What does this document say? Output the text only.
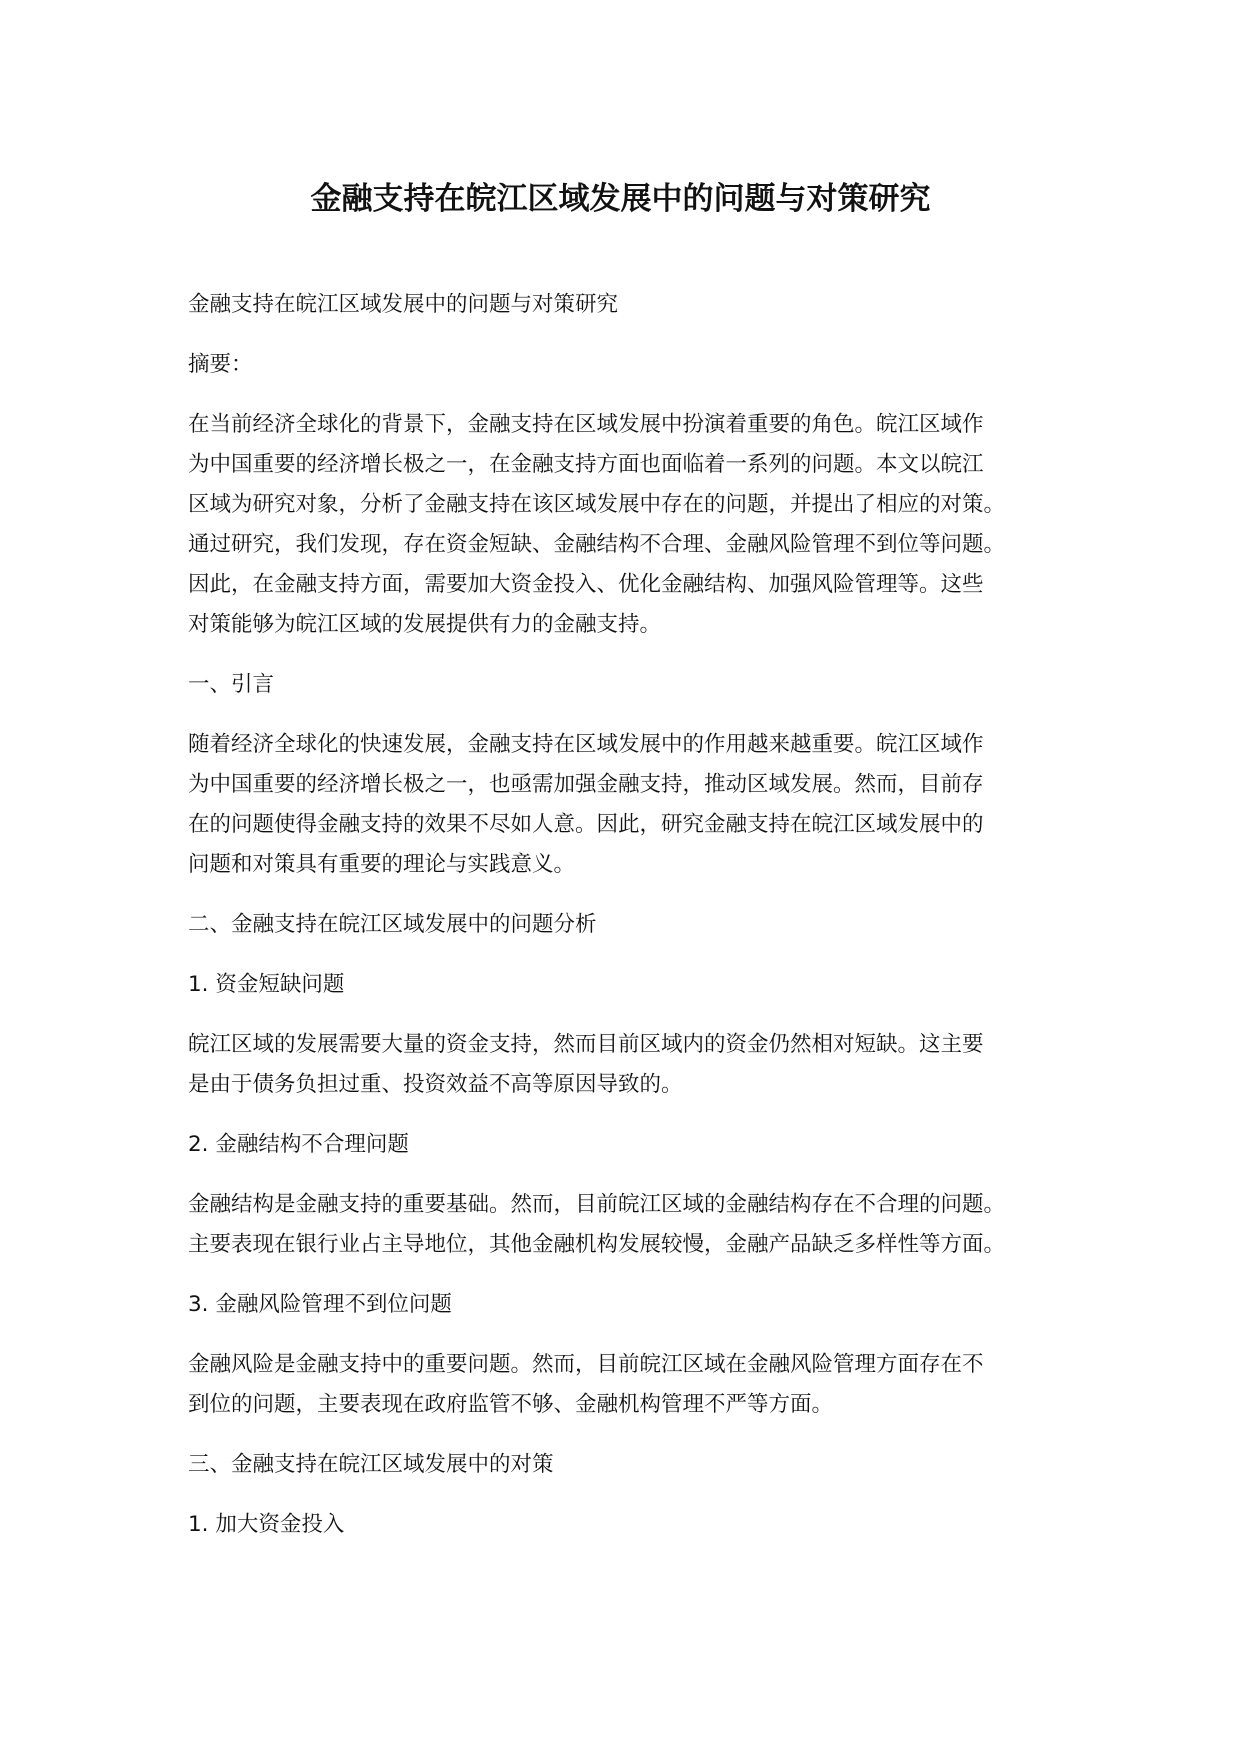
金融支持在皖江区域发展中的问题与对策研究

金融支持在皖江区域发展中的问题与对策研究

摘要：

在当前经济全球化的背景下，金融支持在区域发展中扮演着重要的角色。皖江区域作
为中国重要的经济增长极之一，在金融支持方面也面临着一系列的问题。本文以皖江
区域为研究对象，分析了金融支持在该区域发展中存在的问题，并提出了相应的对策。
通过研究，我们发现，存在资金短缺、金融结构不合理、金融风险管理不到位等问题。
因此，在金融支持方面，需要加大资金投入、优化金融结构、加强风险管理等。这些
对策能够为皖江区域的发展提供有力的金融支持。

一、引言

随着经济全球化的快速发展，金融支持在区域发展中的作用越来越重要。皖江区域作
为中国重要的经济增长极之一，也亟需加强金融支持，推动区域发展。然而，目前存
在的问题使得金融支持的效果不尽如人意。因此，研究金融支持在皖江区域发展中的
问题和对策具有重要的理论与实践意义。

二、金融支持在皖江区域发展中的问题分析

1. 资金短缺问题

皖江区域的发展需要大量的资金支持，然而目前区域内的资金仍然相对短缺。这主要
是由于债务负担过重、投资效益不高等原因导致的。

2. 金融结构不合理问题

金融结构是金融支持的重要基础。然而，目前皖江区域的金融结构存在不合理的问题。
主要表现在银行业占主导地位，其他金融机构发展较慢，金融产品缺乏多样性等方面。

3. 金融风险管理不到位问题

金融风险是金融支持中的重要问题。然而，目前皖江区域在金融风险管理方面存在不
到位的问题，主要表现在政府监管不够、金融机构管理不严等方面。

三、金融支持在皖江区域发展中的对策

1. 加大资金投入
